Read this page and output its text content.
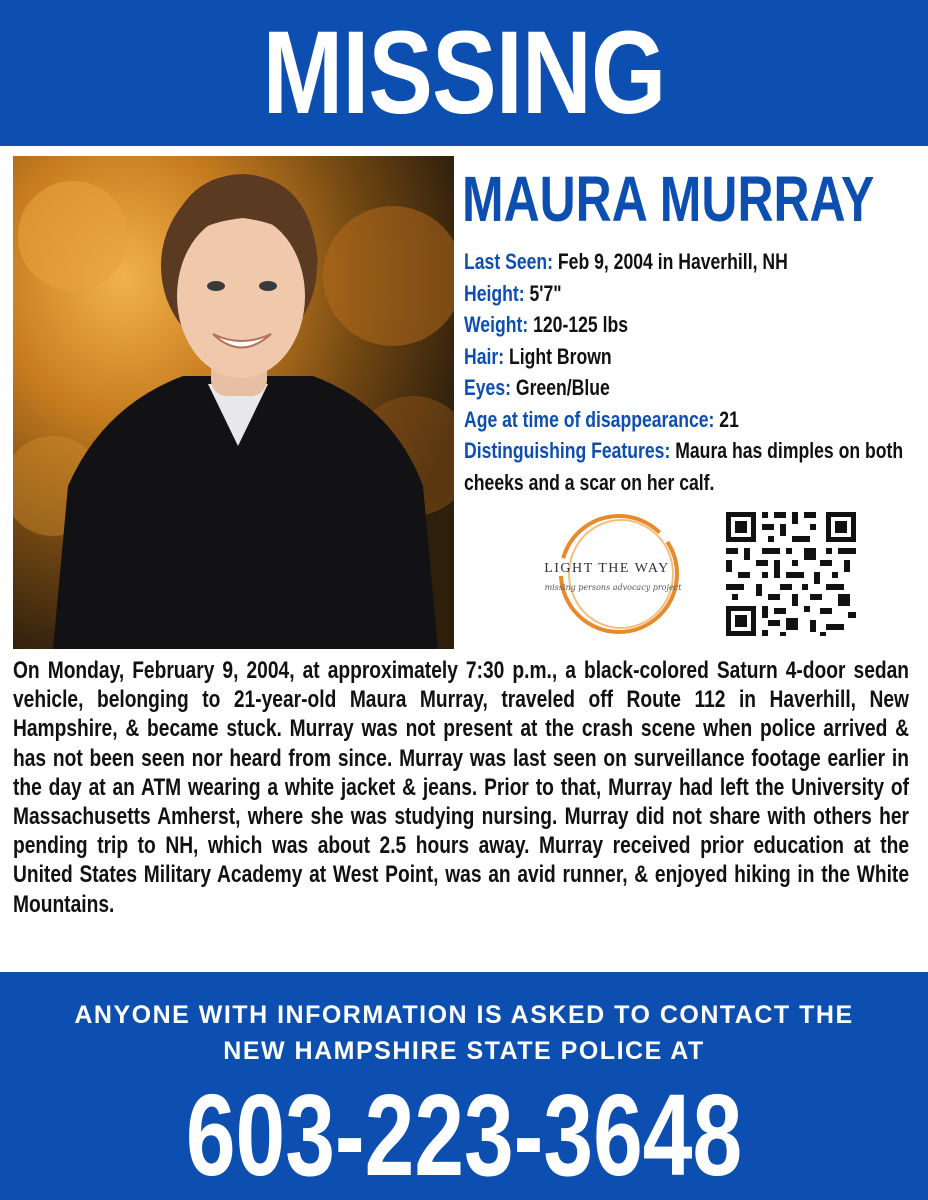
MISSING
MAURA MURRAY
Last Seen: Feb 9, 2004 in Haverhill, NH
Height: 5'7"
Weight: 120-125 lbs
Hair: Light Brown
Eyes: Green/Blue
Age at time of disappearance: 21
Distinguishing Features: Maura has dimples on both cheeks and a scar on her calf.
LIGHT THE WAY
missing persons advocacy project
On Monday, February 9, 2004, at approximately 7:30 p.m., a black-colored Saturn 4-door sedan vehicle, belonging to 21-year-old Maura Murray, traveled off Route 112 in Haverhill, New Hampshire, & became stuck. Murray was not present at the crash scene when police arrived & has not been seen nor heard from since. Murray was last seen on surveillance footage earlier in the day at an ATM wearing a white jacket & jeans. Prior to that, Murray had left the University of Massachusetts Amherst, where she was studying nursing. Murray did not share with others her pending trip to NH, which was about 2.5 hours away. Murray received prior education at the United States Military Academy at West Point, was an avid runner, & enjoyed hiking in the White Mountains.
ANYONE WITH INFORMATION IS ASKED TO CONTACT THE
NEW HAMPSHIRE STATE POLICE AT
603-223-3648
